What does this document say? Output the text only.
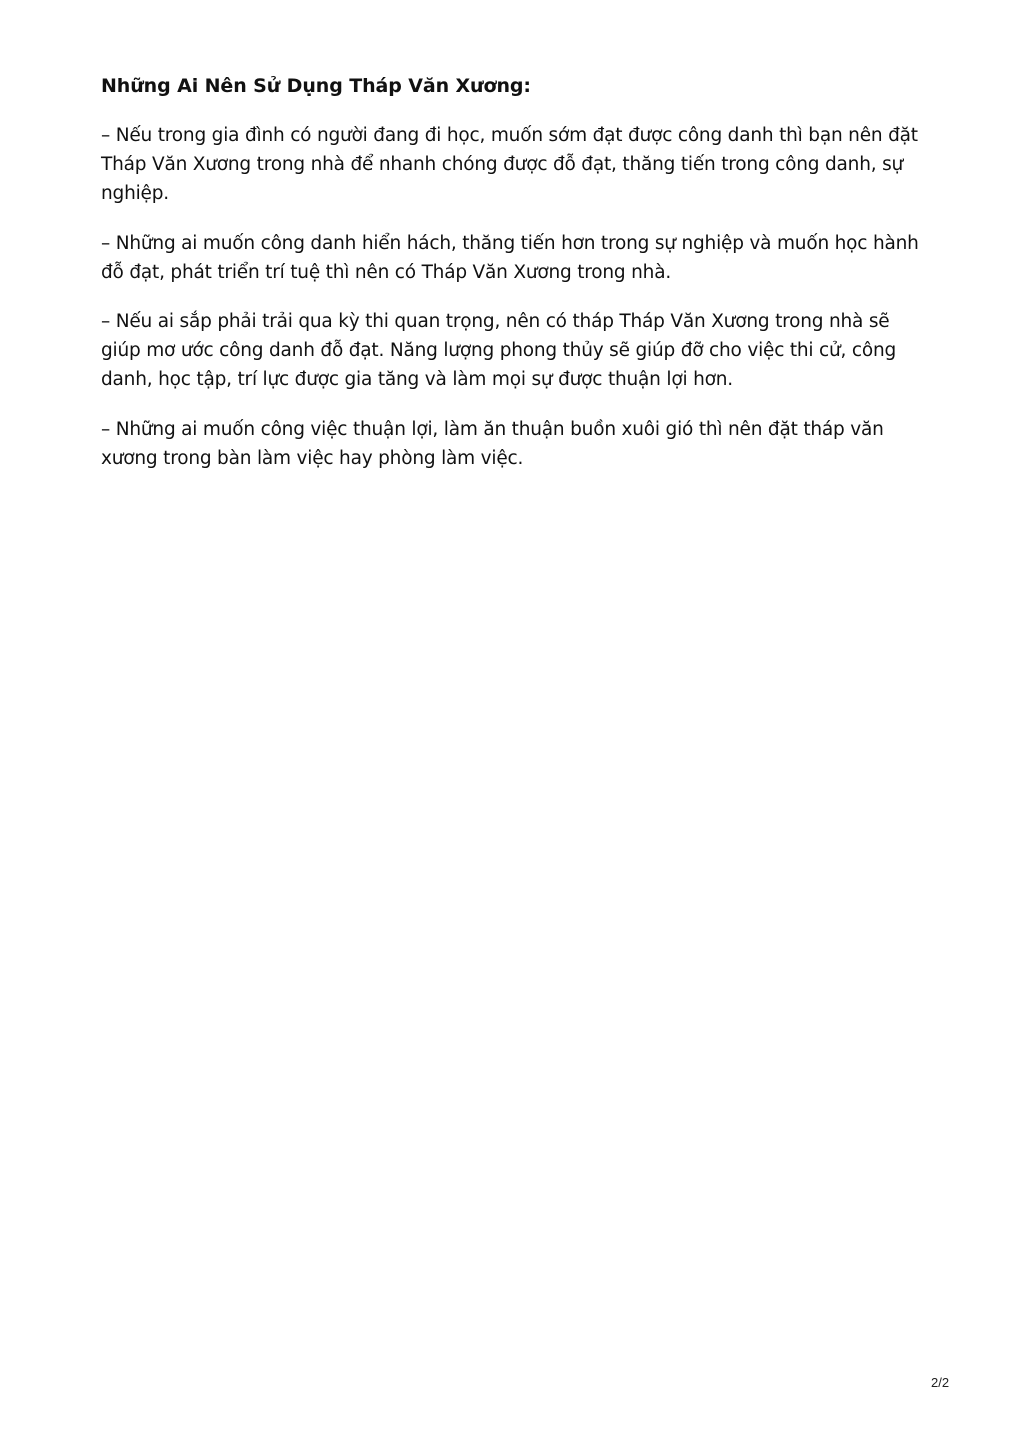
Những Ai Nên Sử Dụng Tháp Văn Xương:

– Nếu trong gia đình có người đang đi học, muốn sớm đạt được công danh thì bạn nên đặt Tháp Văn Xương trong nhà để nhanh chóng được đỗ đạt, thăng tiến trong công danh, sự nghiệp.

– Những ai muốn công danh hiển hách, thăng tiến hơn trong sự nghiệp và muốn học hành đỗ đạt, phát triển trí tuệ thì nên có Tháp Văn Xương trong nhà.

– Nếu ai sắp phải trải qua kỳ thi quan trọng, nên có tháp Tháp Văn Xương trong nhà sẽ giúp mơ ước công danh đỗ đạt. Năng lượng phong thủy sẽ giúp đỡ cho việc thi cử, công danh, học tập, trí lực được gia tăng và làm mọi sự được thuận lợi hơn.

– Những ai muốn công việc thuận lợi, làm ăn thuận buồn xuôi gió thì nên đặt tháp văn xương trong bàn làm việc hay phòng làm việc.

2/2
